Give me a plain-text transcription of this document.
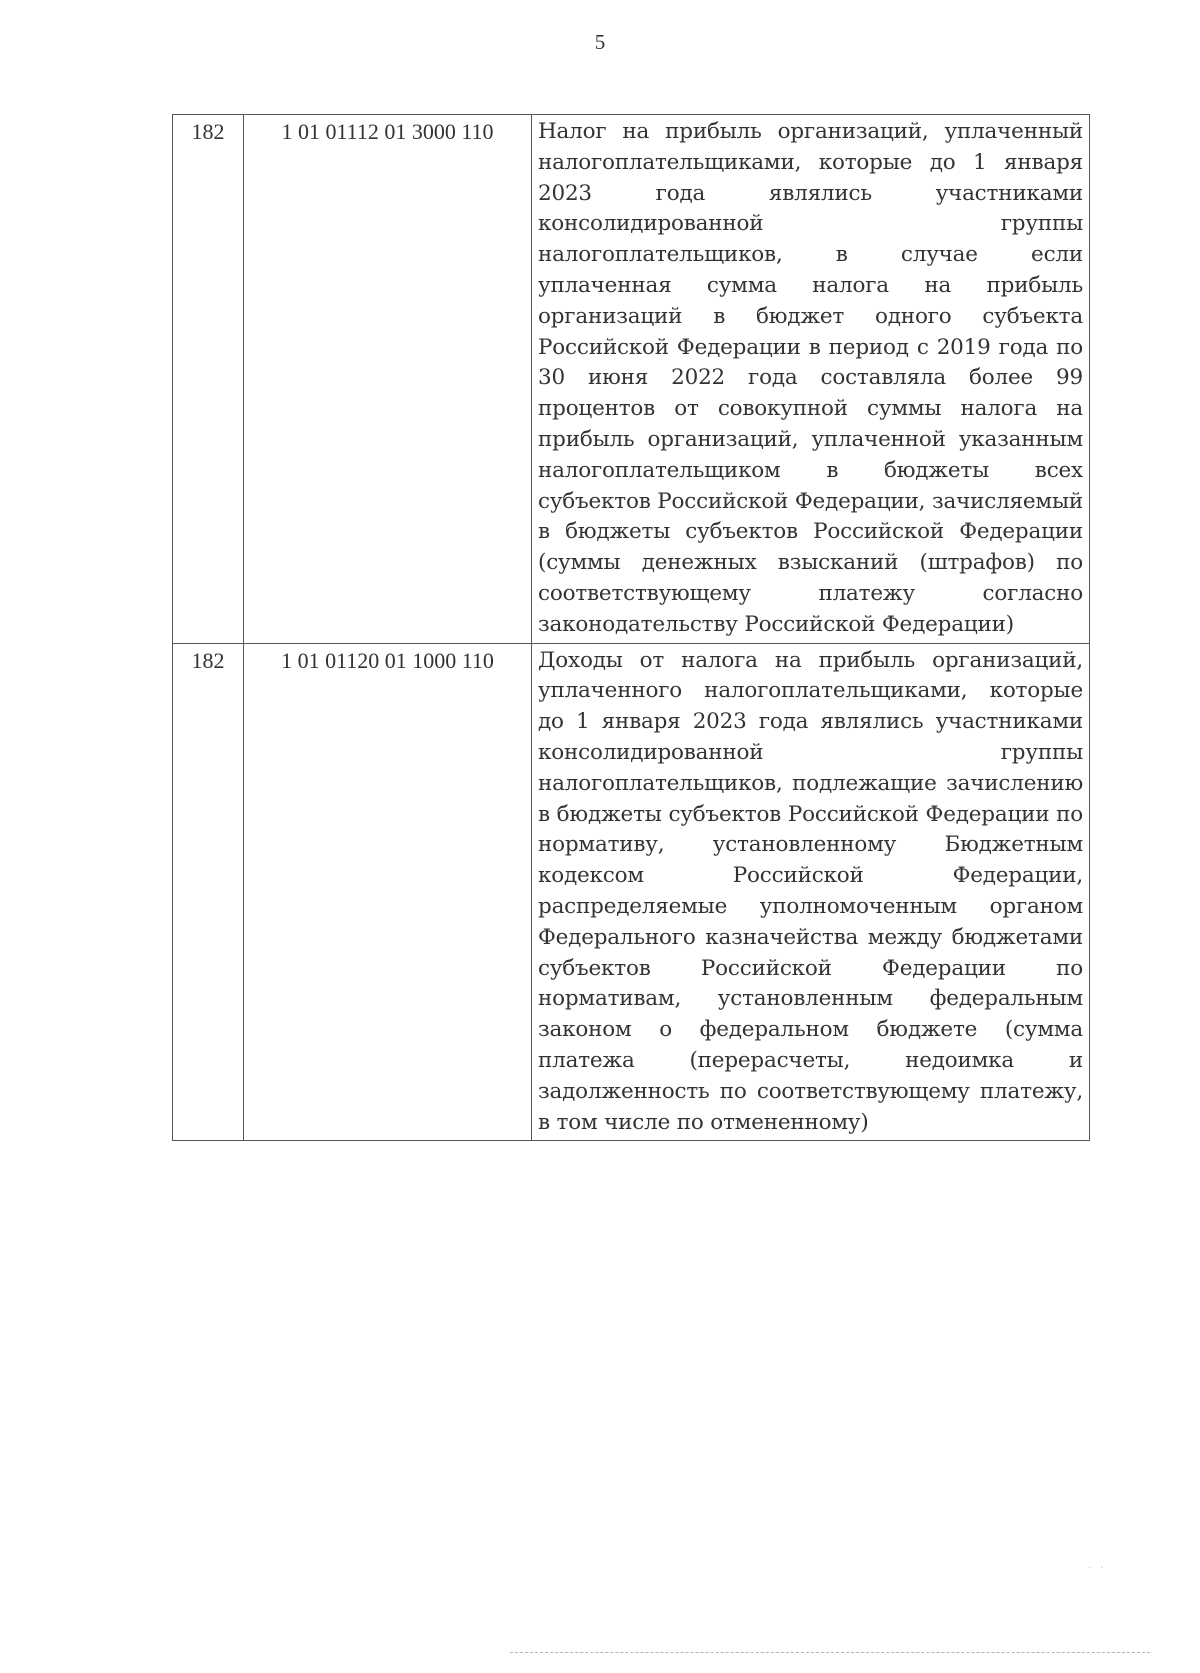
5
182	1 01 01112 01 3000 110	Налог на прибыль организаций, уплаченный налогоплательщиками, которые до 1 января 2023 года являлись участниками консолидированной группы налогоплательщиков, в случае если уплаченная сумма налога на прибыль организаций в бюджет одного субъекта Российской Федерации в период с 2019 года по 30 июня 2022 года составляла более 99 процентов от совокупной суммы налога на прибыль организаций, уплаченной указанным налогоплательщиком в бюджеты всех субъектов Российской Федерации, зачисляемый в бюджеты субъектов Российской Федерации (суммы денежных взысканий (штрафов) по соответствующему платежу согласно законодательству Российской Федерации)
182	1 01 01120 01 1000 110	Доходы от налога на прибыль организаций, уплаченного налогоплательщиками, которые до 1 января 2023 года являлись участниками консолидированной группы налогоплательщиков, подлежащие зачислению в бюджеты субъектов Российской Федерации по нормативу, установленному Бюджетным кодексом Российской Федерации, распределяемые уполномоченным органом Федерального казначейства между бюджетами субъектов Российской Федерации по нормативам, установленным федеральным законом о федеральном бюджете (сумма платежа (перерасчеты, недоимка и задолженность по соответствующему платежу, в том числе по отмененному)
· ·
